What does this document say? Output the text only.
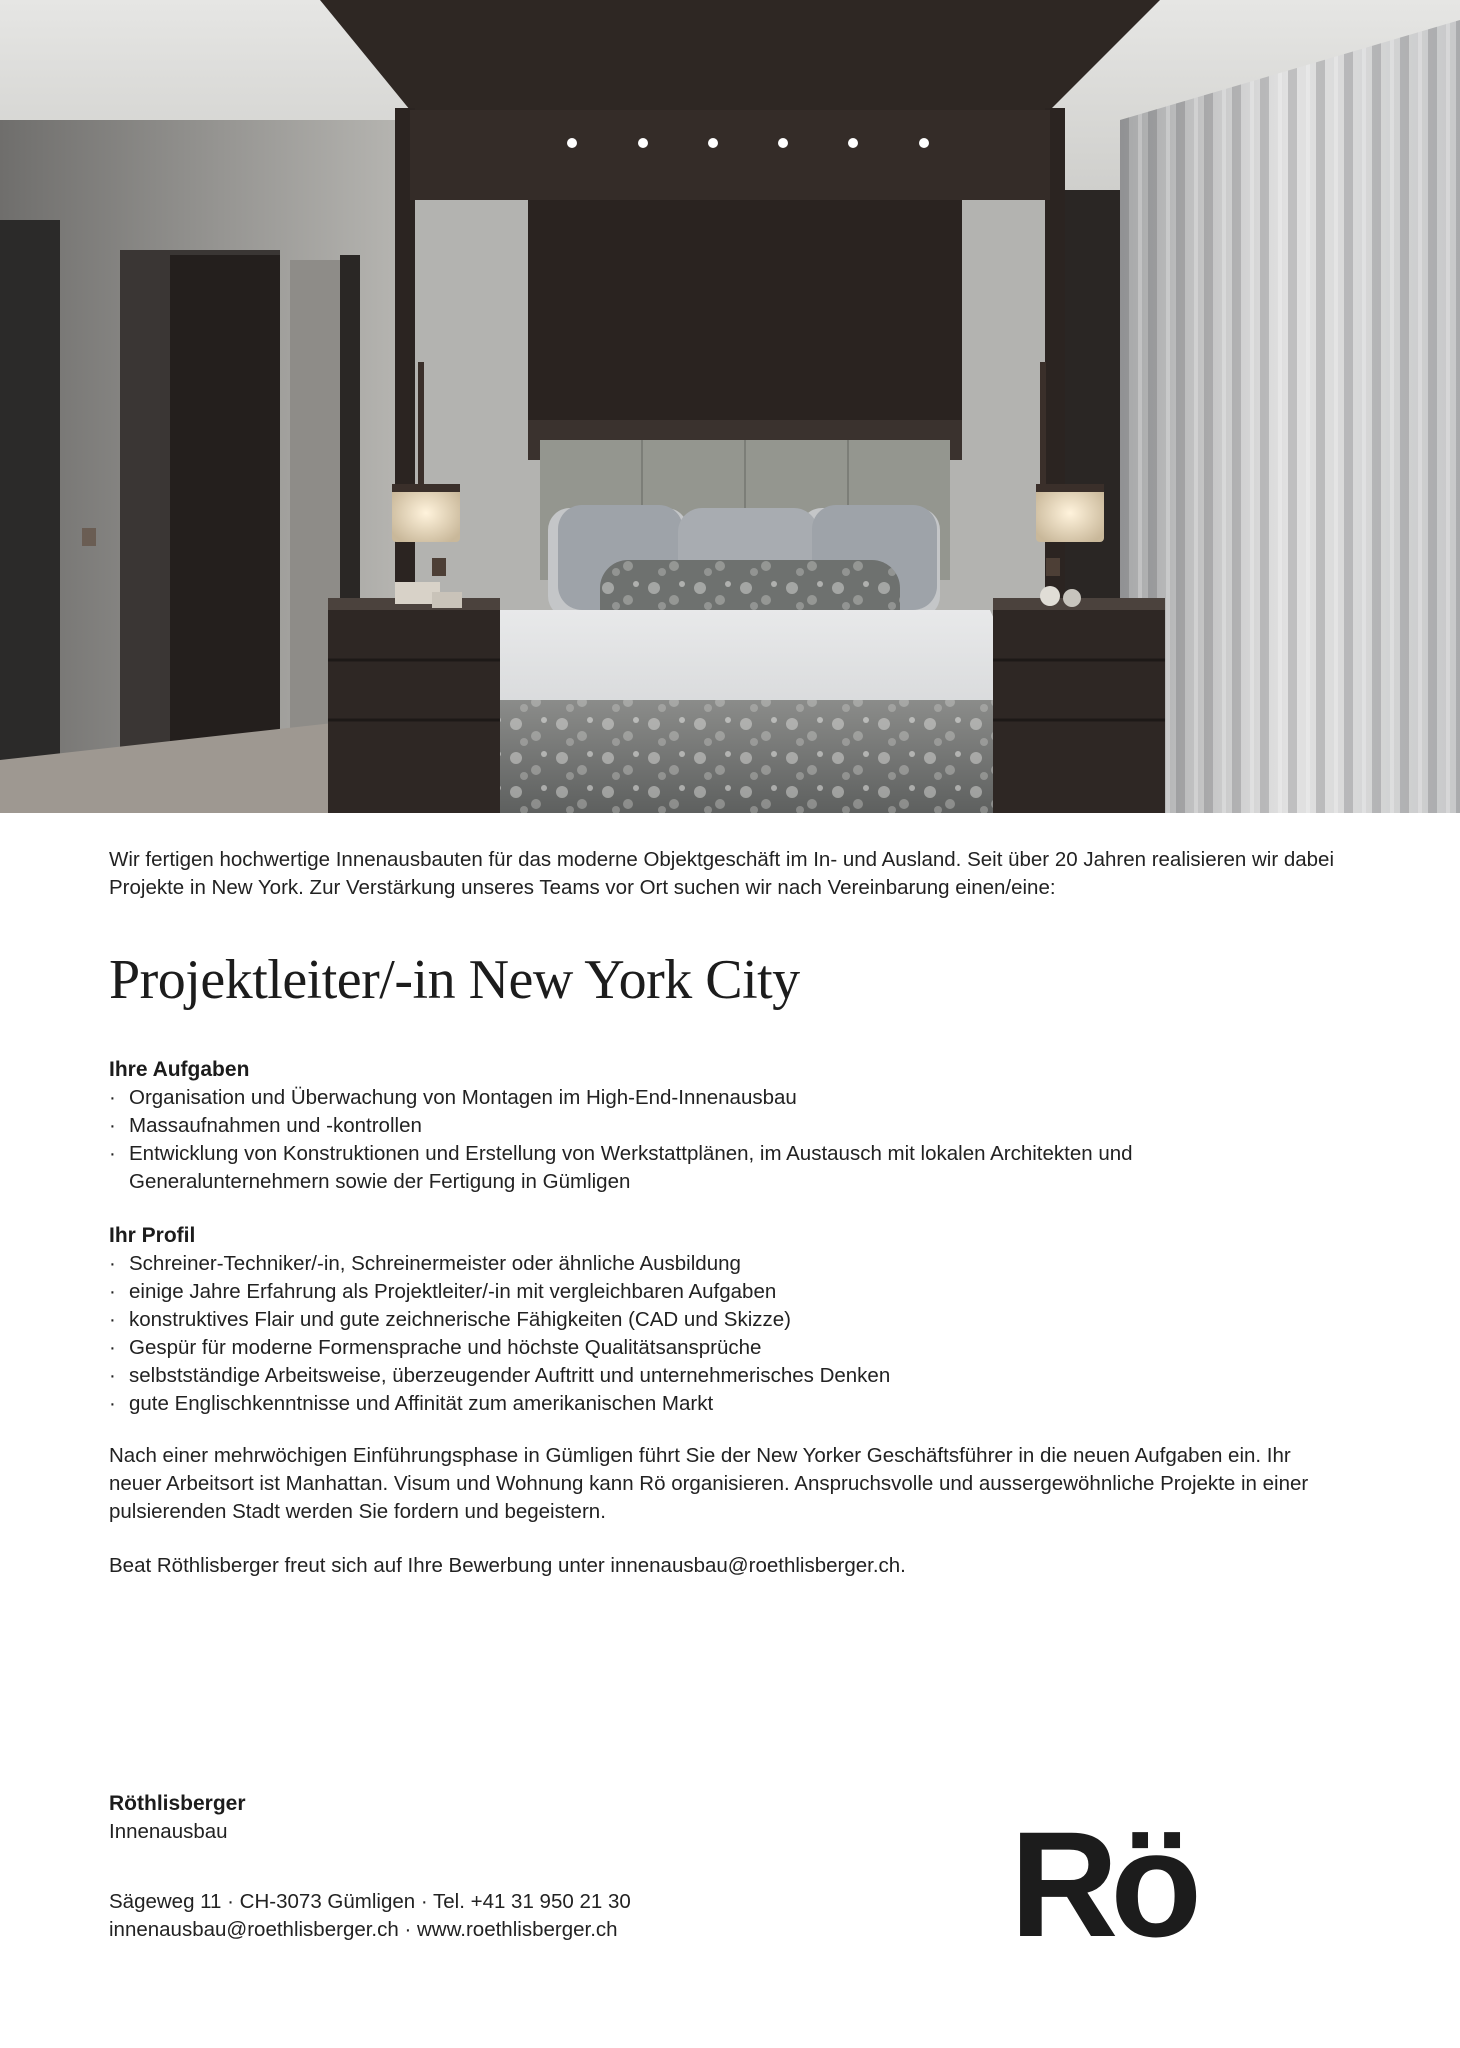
Wir fertigen hochwertige Innenausbauten für das moderne Objektgeschäft im In- und Ausland. Seit über 20 Jahren realisieren wir dabei Projekte in New York. Zur Verstärkung unseres Teams vor Ort suchen wir nach Vereinbarung einen/eine:

Projektleiter/-in New York City
Ihre Aufgaben
· Organisation und Überwachung von Montagen im High-End-Innenausbau
· Massaufnahmen und -kontrollen
· Entwicklung von Konstruktionen und Erstellung von Werkstattplänen, im Austausch mit lokalen Architekten und Generalunternehmern sowie der Fertigung in Gümligen
Ihr Profil
· Schreiner-Techniker/-in, Schreinermeister oder ähnliche Ausbildung
· einige Jahre Erfahrung als Projektleiter/-in mit vergleichbaren Aufgaben
· konstruktives Flair und gute zeichnerische Fähigkeiten (CAD und Skizze)
· Gespür für moderne Formensprache und höchste Qualitätsansprüche
· selbstständige Arbeitsweise, überzeugender Auftritt und unternehmerisches Denken
· gute Englischkenntnisse und Affinität zum amerikanischen Markt

Nach einer mehrwöchigen Einführungsphase in Gümligen führt Sie der New Yorker Geschäftsführer in die neuen Aufgaben ein. Ihr neuer Arbeitsort ist Manhattan. Visum und Wohnung kann Rö organisieren. Anspruchsvolle und aussergewöhnliche Projekte in einer pulsierenden Stadt werden Sie fordern und begeistern.

Beat Röthlisberger freut sich auf Ihre Bewerbung unter innenausbau@roethlisberger.ch.

Röthlisberger

Innenausbau

Sägeweg 11 · CH-3073 Gümligen · Tel. +41 31 950 21 30

innenausbau@roethlisberger.ch · www.roethlisberger.ch	Rö
